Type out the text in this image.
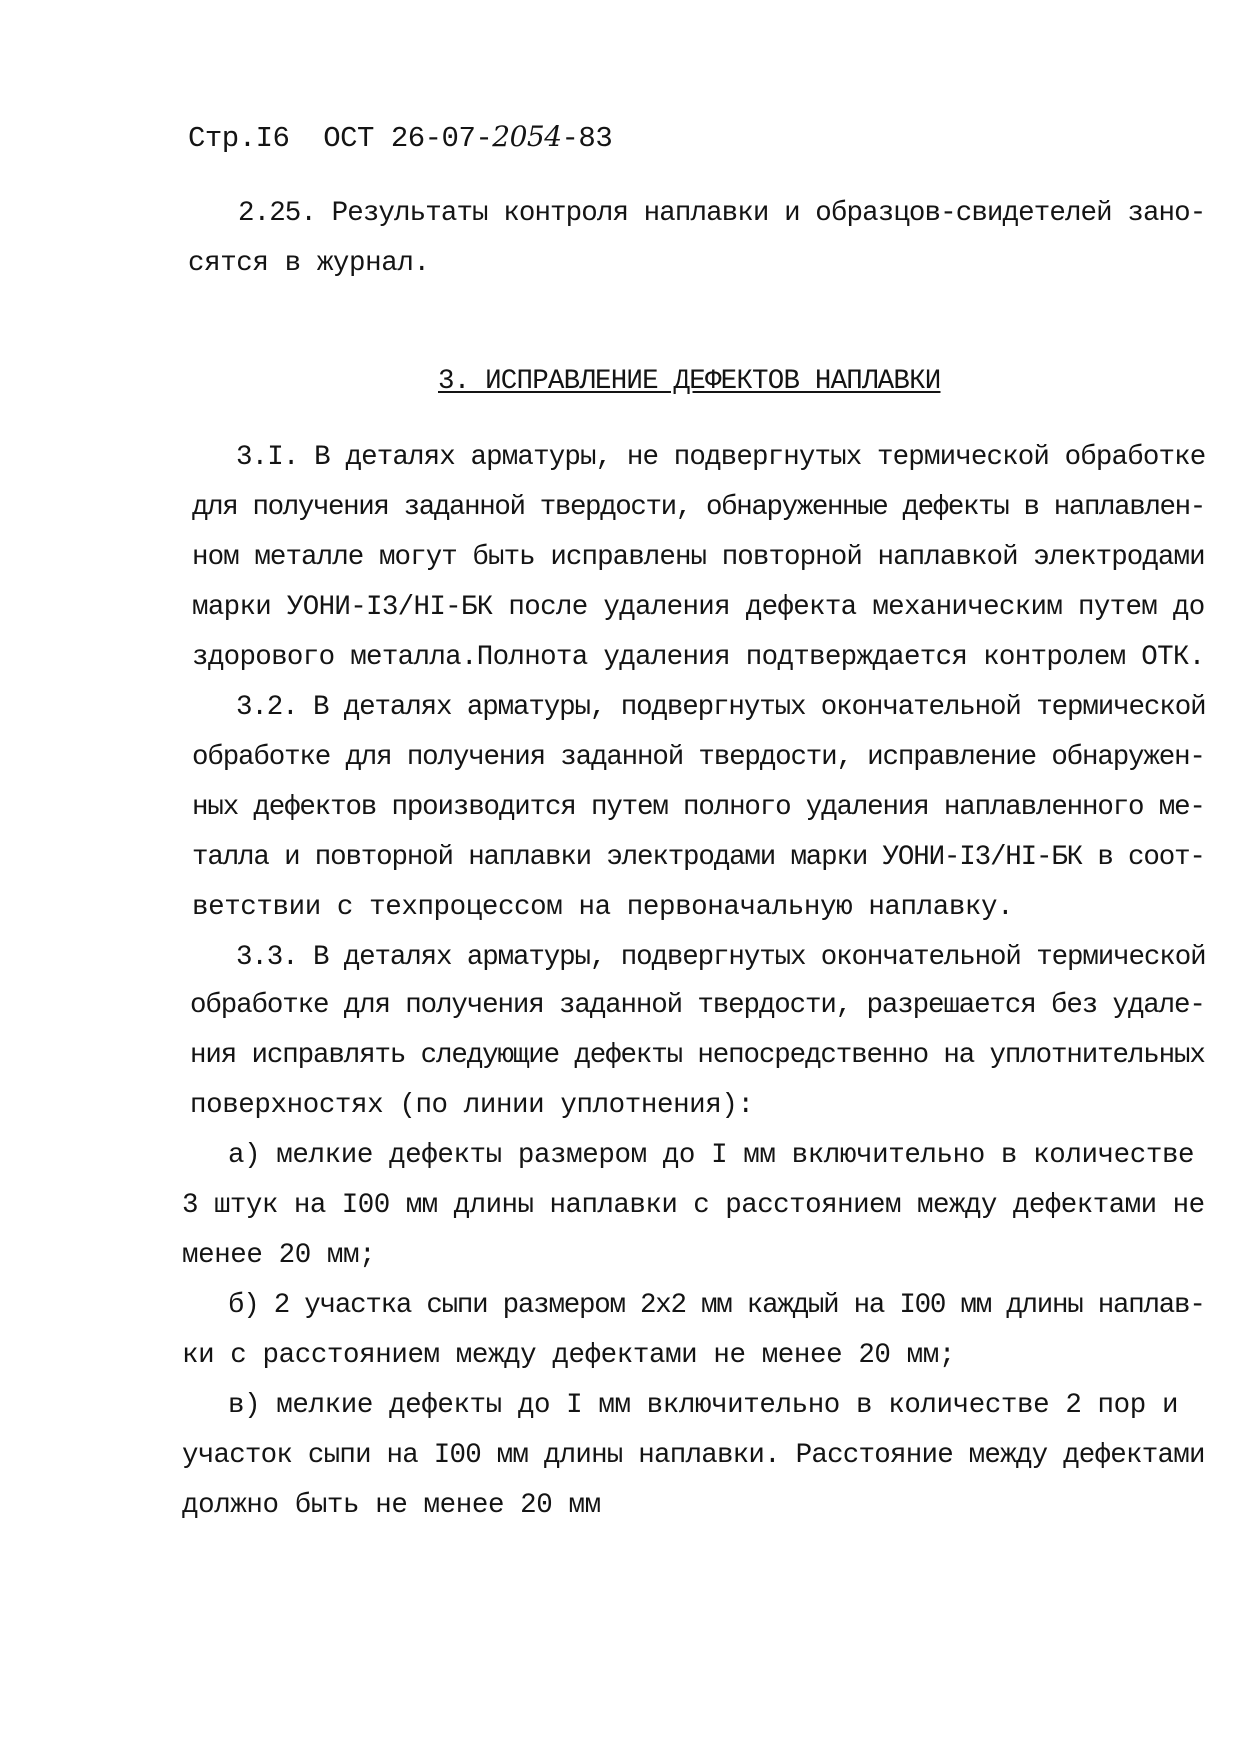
Стр.I6 ОСТ 26-07-2054-83
2.25. Результаты контроля наплавки и образцов-свидетелей зано-
сятся в журнал.
3. ИСПРАВЛЕНИЕ ДЕФЕКТОВ НАПЛАВКИ
3.I. В деталях арматуры, не подвергнутых термической обработке
для получения заданной твердости, обнаруженные дефекты в наплавлен-
ном металле могут быть исправлены повторной наплавкой электродами
марки УОНИ-I3/НI-БК после удаления дефекта механическим путем до
здорового металла.Полнота удаления подтверждается контролем ОТК.
3.2. В деталях арматуры, подвергнутых окончательной термической
обработке для получения заданной твердости, исправление обнаружен-
ных дефектов производится путем полного удаления наплавленного ме-
талла и повторной наплавки электродами марки УОНИ-I3/НI-БК в соот-
ветствии с техпроцессом на первоначальную наплавку.
3.3. В деталях арматуры, подвергнутых окончательной термической
обработке для получения заданной твердости, разрешается без удале-
ния исправлять следующие дефекты непосредственно на уплотнительных
поверхностях (по линии уплотнения):
а) мелкие дефекты размером до I мм включительно в количестве
3 штук на I00 мм длины наплавки с расстоянием между дефектами не
менее 20 мм;
б) 2 участка сыпи размером 2х2 мм каждый на I00 мм длины наплав-
ки с расстоянием между дефектами не менее 20 мм;
в) мелкие дефекты до I мм включительно в количестве 2 пор и
участок сыпи на I00 мм длины наплавки. Расстояние между дефектами
должно быть не менее 20 мм
